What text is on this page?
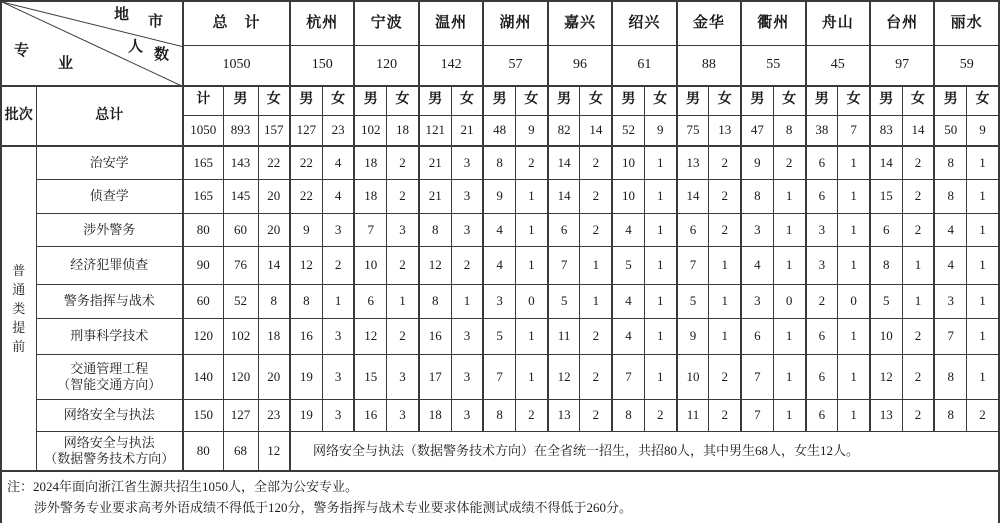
地 市
人 数
专
业
	总　计	杭州	宁波	温州	湖州	嘉兴	绍兴	金华	衢州	舟山	台州	丽水
		1050			150		120		142		57		96		61		88		55		45		97		59	
批次	总计	计	男	女	男	女	男	女	男	女	男	女	男	女	男	女	男	女	男	女	男	女	男	女	男	女
		1050	893	157	127	23	102	18	121	21	48	9	82	14	52	9	75	13	47	8	38	7	83	14	50	9

普
通
类
提
前	治安学	165	143	22	22	4	18	2	21	3	8	2	14	2	10	1	13	2	9	2	6	1	14	2	8	1

	侦查学	165	145	20	22	4	18	2	21	3	9	1	14	2	10	1	14	2	8	1	6	1	15	2	8	1

	涉外警务	80	60	20	9	3	7	3	8	3	4	1	6	2	4	1	6	2	3	1	3	1	6	2	4	1

	经济犯罪侦查	90	76	14	12	2	10	2	12	2	4	1	7	1	5	1	7	1	4	1	3	1	8	1	4	1

	警务指挥与战术	60	52	8	8	1	6	1	8	1	3	0	5	1	4	1	5	1	3	0	2	0	5	1	3	1

	刑事科学技术	120	102	18	16	3	12	2	16	3	5	1	11	2	4	1	9	1	6	1	6	1	10	2	7	1

	交通管理工程
（智能交通方向）	140	120	20	19	3	15	3	17	3	7	1	12	2	7	1	10	2	7	1	6	1	12	2	8	1

	网络安全与执法	150	127	23	19	3	16	3	18	3	8	2	13	2	8	2	11	2	7	1	6	1	13	2	8	2

	网络安全与执法
（数据警务技术方向）	80	68	12	网络安全与执法（数据警务技术方向）在全省统一招生，共招80人，其中男生68人，女生12人。																					
注：2024年面向浙江省生源共招生1050人，全部为公安专业。
涉外警务专业要求高考外语成绩不得低于120分，警务指挥与战术专业要求体能测试成绩不得低于260分。
